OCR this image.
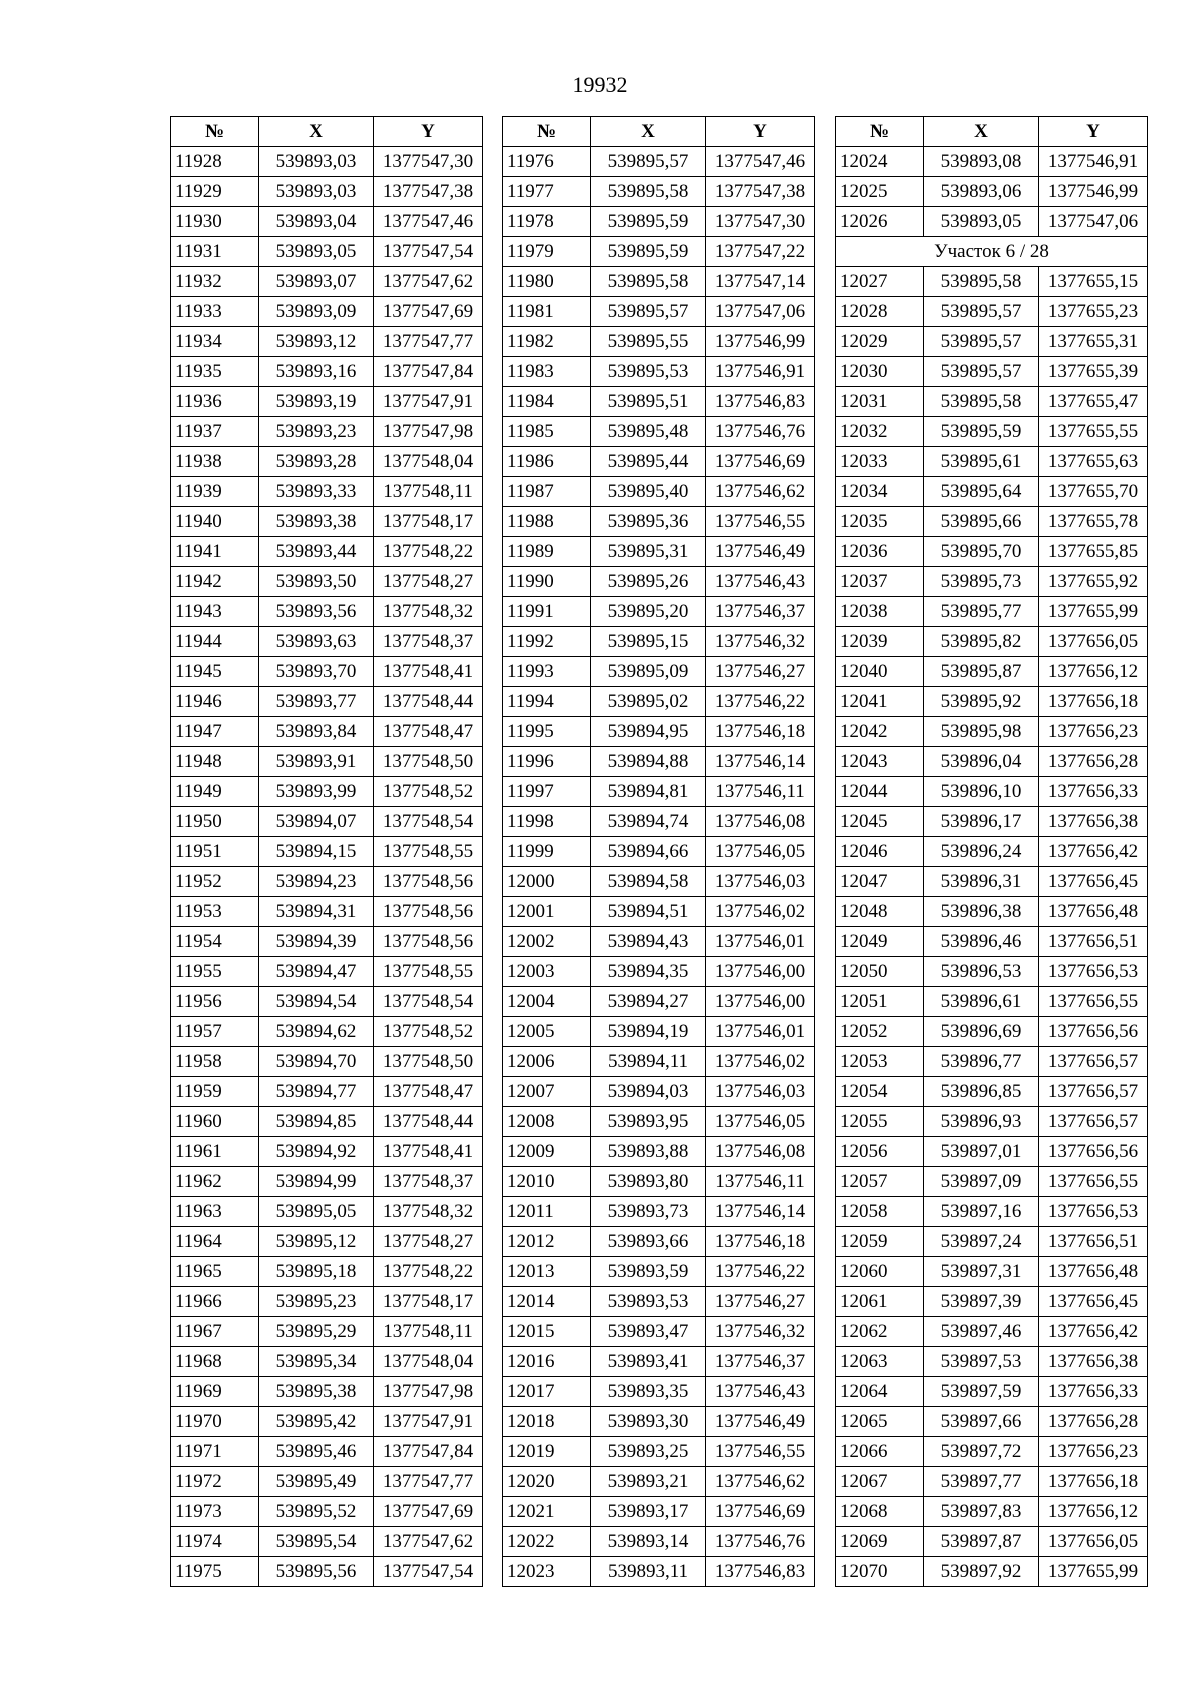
19932
№	X	Y
11928	539893,03	1377547,30
11929	539893,03	1377547,38
11930	539893,04	1377547,46
11931	539893,05	1377547,54
11932	539893,07	1377547,62
11933	539893,09	1377547,69
11934	539893,12	1377547,77
11935	539893,16	1377547,84
11936	539893,19	1377547,91
11937	539893,23	1377547,98
11938	539893,28	1377548,04
11939	539893,33	1377548,11
11940	539893,38	1377548,17
11941	539893,44	1377548,22
11942	539893,50	1377548,27
11943	539893,56	1377548,32
11944	539893,63	1377548,37
11945	539893,70	1377548,41
11946	539893,77	1377548,44
11947	539893,84	1377548,47
11948	539893,91	1377548,50
11949	539893,99	1377548,52
11950	539894,07	1377548,54
11951	539894,15	1377548,55
11952	539894,23	1377548,56
11953	539894,31	1377548,56
11954	539894,39	1377548,56
11955	539894,47	1377548,55
11956	539894,54	1377548,54
11957	539894,62	1377548,52
11958	539894,70	1377548,50
11959	539894,77	1377548,47
11960	539894,85	1377548,44
11961	539894,92	1377548,41
11962	539894,99	1377548,37
11963	539895,05	1377548,32
11964	539895,12	1377548,27
11965	539895,18	1377548,22
11966	539895,23	1377548,17
11967	539895,29	1377548,11
11968	539895,34	1377548,04
11969	539895,38	1377547,98
11970	539895,42	1377547,91
11971	539895,46	1377547,84
11972	539895,49	1377547,77
11973	539895,52	1377547,69
11974	539895,54	1377547,62
11975	539895,56	1377547,54
№	X	Y
11976	539895,57	1377547,46
11977	539895,58	1377547,38
11978	539895,59	1377547,30
11979	539895,59	1377547,22
11980	539895,58	1377547,14
11981	539895,57	1377547,06
11982	539895,55	1377546,99
11983	539895,53	1377546,91
11984	539895,51	1377546,83
11985	539895,48	1377546,76
11986	539895,44	1377546,69
11987	539895,40	1377546,62
11988	539895,36	1377546,55
11989	539895,31	1377546,49
11990	539895,26	1377546,43
11991	539895,20	1377546,37
11992	539895,15	1377546,32
11993	539895,09	1377546,27
11994	539895,02	1377546,22
11995	539894,95	1377546,18
11996	539894,88	1377546,14
11997	539894,81	1377546,11
11998	539894,74	1377546,08
11999	539894,66	1377546,05
12000	539894,58	1377546,03
12001	539894,51	1377546,02
12002	539894,43	1377546,01
12003	539894,35	1377546,00
12004	539894,27	1377546,00
12005	539894,19	1377546,01
12006	539894,11	1377546,02
12007	539894,03	1377546,03
12008	539893,95	1377546,05
12009	539893,88	1377546,08
12010	539893,80	1377546,11
12011	539893,73	1377546,14
12012	539893,66	1377546,18
12013	539893,59	1377546,22
12014	539893,53	1377546,27
12015	539893,47	1377546,32
12016	539893,41	1377546,37
12017	539893,35	1377546,43
12018	539893,30	1377546,49
12019	539893,25	1377546,55
12020	539893,21	1377546,62
12021	539893,17	1377546,69
12022	539893,14	1377546,76
12023	539893,11	1377546,83
№	X	Y
12024	539893,08	1377546,91
12025	539893,06	1377546,99
12026	539893,05	1377547,06
Участок 6 / 28		
12027	539895,58	1377655,15
12028	539895,57	1377655,23
12029	539895,57	1377655,31
12030	539895,57	1377655,39
12031	539895,58	1377655,47
12032	539895,59	1377655,55
12033	539895,61	1377655,63
12034	539895,64	1377655,70
12035	539895,66	1377655,78
12036	539895,70	1377655,85
12037	539895,73	1377655,92
12038	539895,77	1377655,99
12039	539895,82	1377656,05
12040	539895,87	1377656,12
12041	539895,92	1377656,18
12042	539895,98	1377656,23
12043	539896,04	1377656,28
12044	539896,10	1377656,33
12045	539896,17	1377656,38
12046	539896,24	1377656,42
12047	539896,31	1377656,45
12048	539896,38	1377656,48
12049	539896,46	1377656,51
12050	539896,53	1377656,53
12051	539896,61	1377656,55
12052	539896,69	1377656,56
12053	539896,77	1377656,57
12054	539896,85	1377656,57
12055	539896,93	1377656,57
12056	539897,01	1377656,56
12057	539897,09	1377656,55
12058	539897,16	1377656,53
12059	539897,24	1377656,51
12060	539897,31	1377656,48
12061	539897,39	1377656,45
12062	539897,46	1377656,42
12063	539897,53	1377656,38
12064	539897,59	1377656,33
12065	539897,66	1377656,28
12066	539897,72	1377656,23
12067	539897,77	1377656,18
12068	539897,83	1377656,12
12069	539897,87	1377656,05
12070	539897,92	1377655,99
